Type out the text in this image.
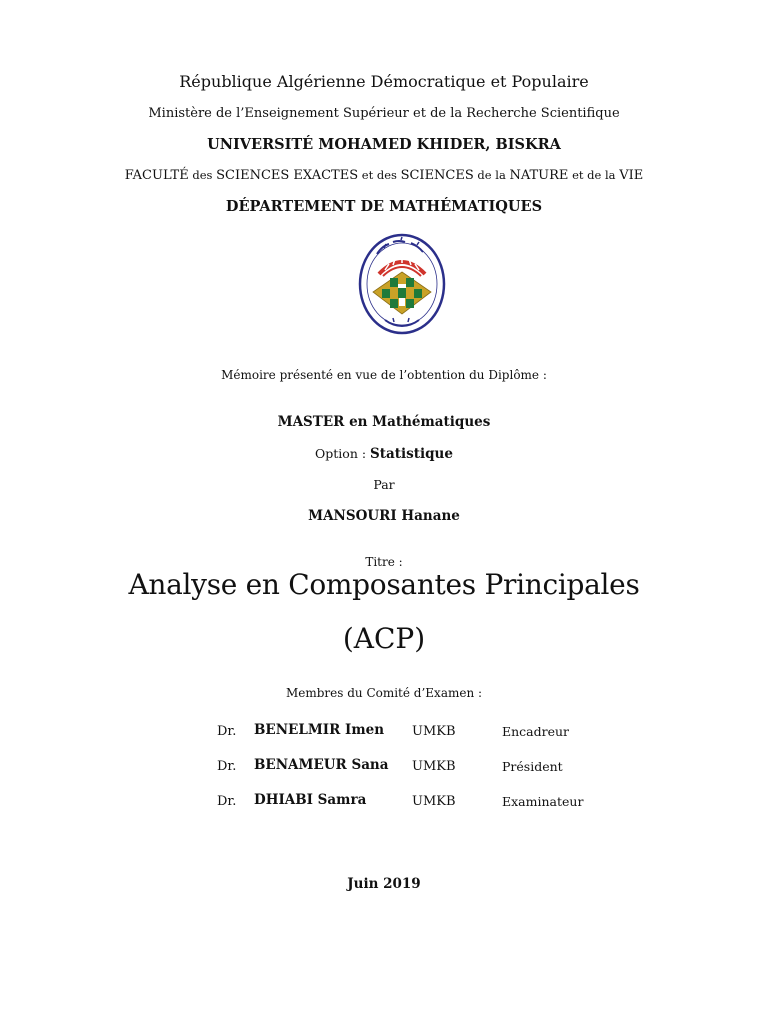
République Algérienne Démocratique et Populaire
Ministère de l’Enseignement Supérieur et de la Recherche Scientifique
UNIVERSITÉ MOHAMED KHIDER, BISKRA
FACULTÉ des SCIENCES EXACTES et des SCIENCES de la NATURE et de la VIE
DÉPARTEMENT DE MATHÉMATIQUES
Mémoire présenté en vue de l’obtention du Diplôme :
MASTER en Mathématiques
Option : Statistique
Par
MANSOURI Hanane
Titre :
Analyse en Composantes Principales
(ACP)
Membres du Comité d’Examen :
Dr. BENELMIR Imen UMKB	Encadreur
Dr. BENAMEUR Sana UMKB	Président
Dr. DHIABI Samra	UMKB	Examinateur
Juin 2019
